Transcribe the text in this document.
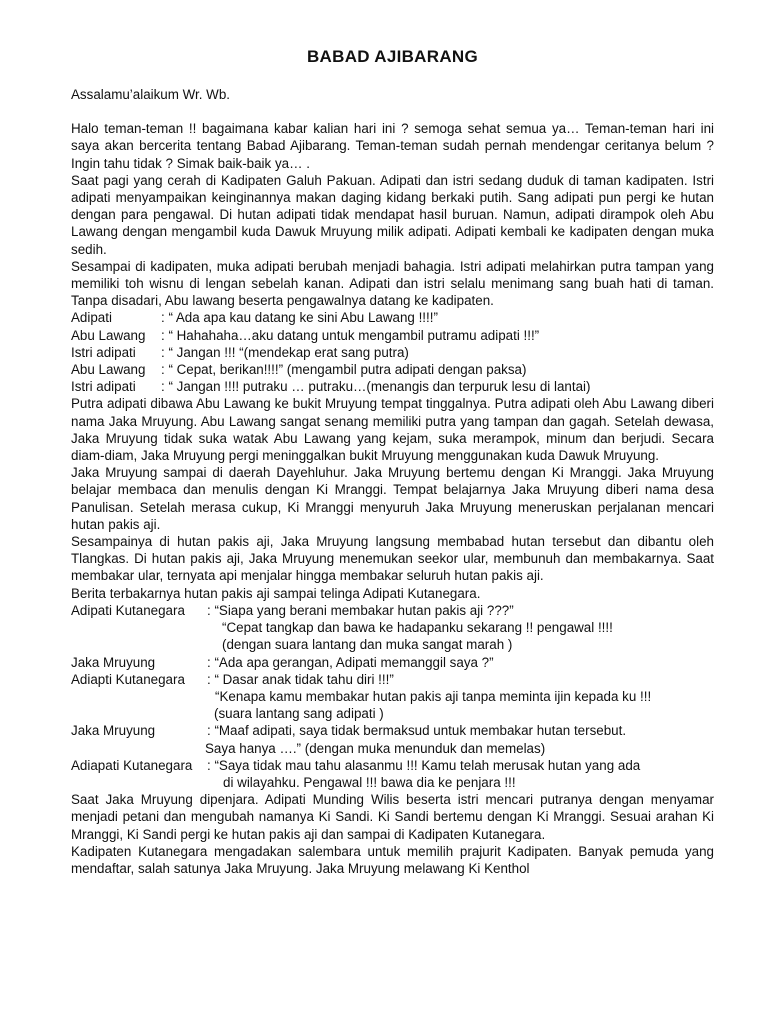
BABAD AJIBARANG

Assalamu’alaikum Wr. Wb.

Halo teman-teman !! bagaimana kabar kalian hari ini ? semoga sehat semua ya… Teman-teman hari ini saya akan bercerita tentang Babad Ajibarang. Teman-teman sudah pernah mendengar ceritanya belum ? Ingin tahu tidak ? Simak baik-baik ya… .

Saat pagi yang cerah di Kadipaten Galuh Pakuan. Adipati dan istri sedang duduk di taman kadipaten. Istri adipati menyampaikan keinginannya makan daging kidang berkaki putih. Sang adipati pun pergi ke hutan dengan para pengawal. Di hutan adipati tidak mendapat hasil buruan. Namun, adipati dirampok oleh Abu Lawang dengan mengambil kuda Dawuk Mruyung milik adipati. Adipati kembali ke kadipaten dengan muka sedih.

Sesampai di kadipaten, muka adipati berubah menjadi bahagia. Istri adipati melahirkan putra tampan yang memiliki toh wisnu di lengan sebelah kanan. Adipati dan istri selalu menimang sang buah hati di taman. Tanpa disadari, Abu lawang beserta pengawalnya datang ke kadipaten.

Adipati	: “ Ada apa kau datang ke sini Abu Lawang !!!!”
Abu Lawang	: “ Hahahaha…aku datang untuk mengambil putramu adipati !!!”
Istri adipati	: “ Jangan !!! “(mendekap erat sang putra)
Abu Lawang	: “ Cepat, berikan!!!!” (mengambil putra adipati dengan paksa)
Istri adipati	: “ Jangan !!!! putraku … putraku…(menangis dan terpuruk lesu di lantai)

Putra adipati dibawa Abu Lawang ke bukit Mruyung tempat tinggalnya. Putra adipati oleh Abu Lawang diberi nama Jaka Mruyung. Abu Lawang sangat senang memiliki putra yang tampan dan gagah. Setelah dewasa, Jaka Mruyung tidak suka watak Abu Lawang yang kejam, suka merampok, minum dan berjudi. Secara diam-diam, Jaka Mruyung pergi meninggalkan bukit Mruyung menggunakan kuda Dawuk Mruyung.

Jaka Mruyung sampai di daerah Dayehluhur. Jaka Mruyung bertemu dengan Ki Mranggi. Jaka Mruyung belajar membaca dan menulis dengan Ki Mranggi. Tempat belajarnya Jaka Mruyung diberi nama desa Panulisan. Setelah merasa cukup, Ki Mranggi menyuruh Jaka Mruyung meneruskan perjalanan mencari hutan pakis aji.

Sesampainya di hutan pakis aji, Jaka Mruyung langsung membabad hutan tersebut dan dibantu oleh Tlangkas. Di hutan pakis aji, Jaka Mruyung menemukan seekor ular, membunuh dan membakarnya. Saat membakar ular, ternyata api menjalar hingga membakar seluruh hutan pakis aji.

Berita terbakarnya hutan pakis aji sampai telinga Adipati Kutanegara.

Adipati Kutanegara	: “Siapa yang berani membakar hutan pakis aji ???”
“Cepat tangkap dan bawa ke hadapanku sekarang !! pengawal !!!!
(dengan suara lantang dan muka sangat marah )
Jaka Mruyung	: “Ada apa gerangan, Adipati memanggil saya ?”
Adiapti Kutanegara	: “ Dasar anak tidak tahu diri !!!”
“Kenapa kamu membakar hutan pakis aji tanpa meminta ijin kepada ku !!!
(suara lantang sang adipati )
Jaka Mruyung	: “Maaf adipati, saya tidak bermaksud untuk membakar hutan tersebut.
Saya hanya ….” (dengan muka menunduk dan memelas)
Adiapati Kutanegara	: “Saya tidak mau tahu alasanmu !!! Kamu telah merusak hutan yang ada
di wilayahku. Pengawal !!! bawa dia ke penjara !!!

Saat Jaka Mruyung dipenjara. Adipati Munding Wilis beserta istri mencari putranya dengan menyamar menjadi petani dan mengubah namanya Ki Sandi. Ki Sandi bertemu dengan Ki Mranggi. Sesuai arahan Ki Mranggi, Ki Sandi pergi ke hutan pakis aji dan sampai di Kadipaten Kutanegara.

Kadipaten Kutanegara mengadakan salembara untuk memilih prajurit Kadipaten. Banyak pemuda yang mendaftar, salah satunya Jaka Mruyung. Jaka Mruyung melawang Ki Kenthol
